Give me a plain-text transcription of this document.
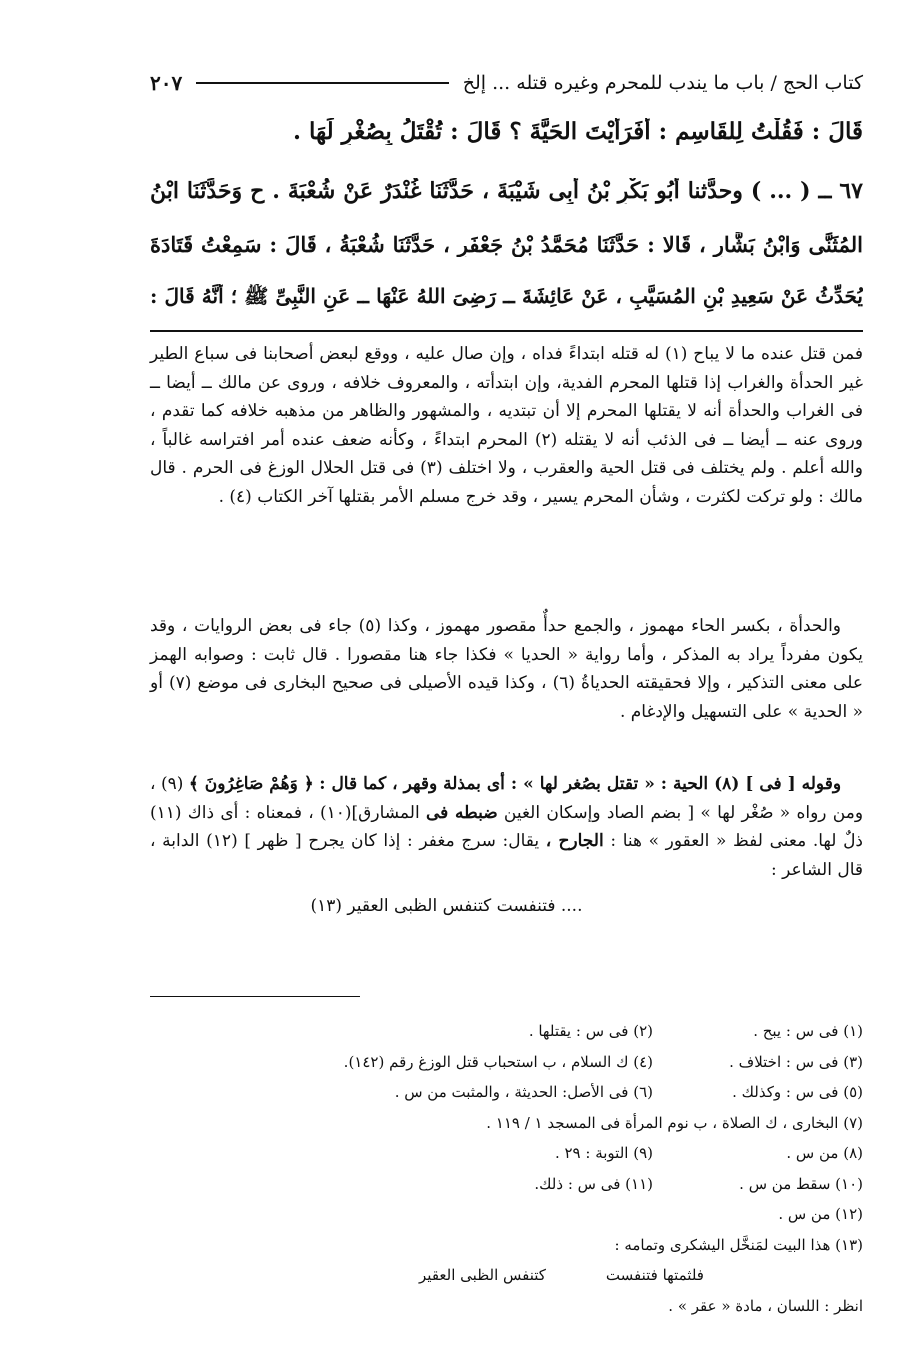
كتاب الحج / باب ما يندب للمحرم وغيره قتله ... إلخ
٢٠٧
قَالَ : فَقُلْتُ لِلقَاسِمِ : أَفَرَأَيْتَ الحَيَّةَ ؟ قَالَ : تُقْتَلُ بِصُغْرٍ لَهَا .
٦٧ ــ ( ... ) وحدَّثنا أَبُو بَكْرِ بْنُ أَبِى شَيْبَةَ ، حَدَّثَنَا غُنْدَرٌ عَنْ شُعْبَةَ . ح وَحَدَّثَنَا ابْنُ
المُثَنَّى وَابْنُ بَشَّارٍ ، قَالا : حَدَّثَنَا مُحَمَّدُ بْنُ جَعْفَرٍ ، حَدَّثَنَا شُعْبَةُ ، قَالَ : سَمِعْتُ قَتَادَةَ
يُحَدِّثُ عَنْ سَعِيدِ بْنِ المُسَيَّبِ ، عَنْ عَائِشَةَ ــ رَضِىَ اللهُ عَنْهَا ــ عَنِ النَّبِىِّ ﷺ ؛ أَنَّهُ قَالَ :

فمن قتل عنده ما لا يباح (١) له قتله ابتداءً فداه ، وإن صال عليه ، ووقع لبعض أصحابنا فى سباع الطير غير الحدأة والغراب إذا قتلها المحرم الفدية، وإن ابتدأته ، والمعروف خلافه ، وروى عن مالك ــ أيضا ــ فى الغراب والحدأة أنه لا يقتلها المحرم إلا أن تبتديه ، والمشهور والظاهر من مذهبه خلافه كما تقدم ، وروى عنه ــ أيضا ــ فى الذئب أنه لا يقتله (٢) المحرم ابتداءً ، وكأنه ضعف عنده أمر افتراسه غالباً ، والله أعلم . ولم يختلف فى قتل الحية والعقرب ، ولا اختلف (٣) فى قتل الحلال الوزغ فى الحرم . قال مالك : ولو تركت لكثرت ، وشأن المحرم يسير ، وقد خرج مسلم الأمر بقتلها آخر الكتاب (٤) .

والحدأة ، بكسر الحاء مهموز ، والجمع حدأٌ مقصور مهموز ، وكذا (٥) جاء فى بعض الروايات ، وقد يكون مفرداً يراد به المذكر ، وأما رواية « الحديا » فكذا جاء هنا مقصورا . قال ثابت : وصوابه الهمز على معنى التذكير ، وإلا فحقيقته الحدياةُ (٦) ، وكذا قيده الأصيلى فى صحيح البخارى فى موضع (٧) أو « الحدية » على التسهيل والإدغام .

وقوله [ فى ] (٨) الحية : « تقتل بصُغر لها » : أى بمذلة وقهر ، كما قال : ﴿ وَهُمْ صَاغِرُونَ ﴾ (٩) ، ومن رواه « صُغْر لها » [ بضم الصاد وإسكان الغين ضبطه فى المشارق](١٠) ، فمعناه : أى ذاك (١١) ذلٌ لها. معنى لفظ « العقور » هنا : الجارح ، يقال: سرج مغفر : إذا كان يجرح [ ظهر ] (١٢) الدابة ، قال الشاعر :

.... فتنفست كتنفس الظبى العقير (١٣)

(١) فى س : يبح .
(٢) فى س : يقتلها .
(٣) فى س : اختلاف .
(٤) ك السلام ، ب استحباب قتل الوزغ رقم (١٤٢).
(٥) فى س : وكذلك .
(٦) فى الأصل: الحديثة ، والمثبت من س .
(٧) البخارى ، ك الصلاة ، ب نوم المرأة فى المسجد ١ / ١١٩ .
(٨) من س .
(٩) التوبة : ٢٩ .
(١٠) سقط من س .
(١١) فى س : ذلك.
(١٢) من س .
(١٣) هذا البيت لمَنخَّل اليشكرى وتمامه :
فلثمتها فتنفست
كتنفس الظبى العقير
انظر : اللسان ، مادة « عقر » .
